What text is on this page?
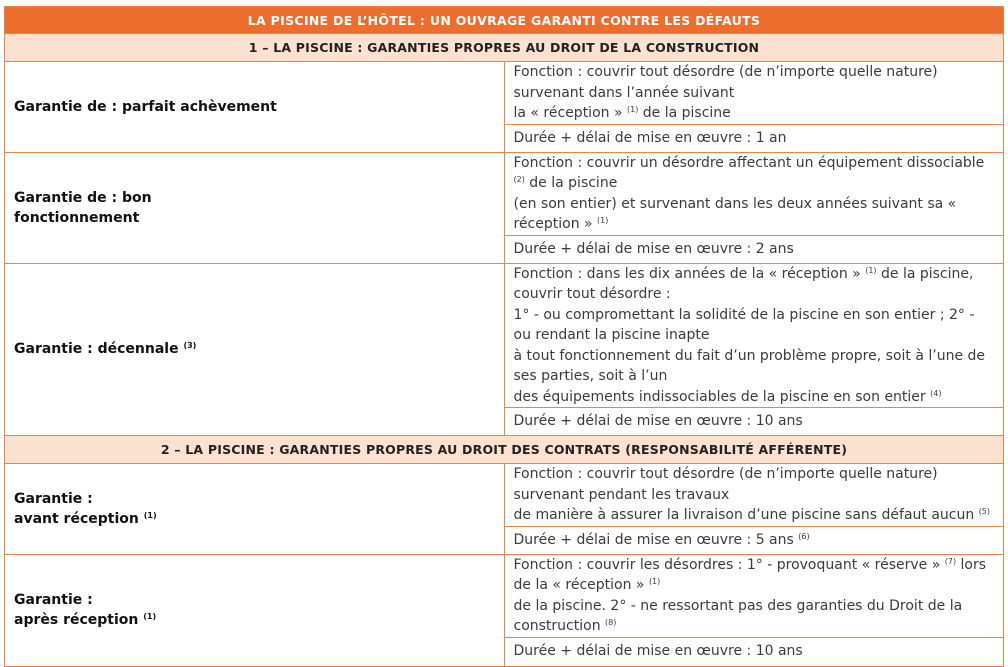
LA PISCINE DE L’HÔTEL : UN OUVRAGE GARANTI CONTRE LES DÉFAUTS	
1 – LA PISCINE : GARANTIES PROPRES AU DROIT DE LA CONSTRUCTION	
Garantie de : parfait achèvement	Fonction : couvrir tout désordre (de n’importe quelle nature) survenant dans l’année suivant
la « réception » $^{(1)}$ de la piscine
	Durée + délai de mise en œuvre : 1 an
Garantie de : bon
fonctionnement	Fonction : couvrir un désordre affectant un équipement dissociable $^{(2)}$ de la piscine
(en son entier) et survenant dans les deux années suivant sa « réception » $^{(1)}$
	Durée + délai de mise en œuvre : 2 ans
Garantie : décennale $^{(3)}$	Fonction : dans les dix années de la « réception » $^{(1)}$ de la piscine, couvrir tout désordre :
1° - ou compromettant la solidité de la piscine en son entier ; 2° - ou rendant la piscine inapte
à tout fonctionnement du fait d’un problème propre, soit à l’une de ses parties, soit à l’un
des équipements indissociables de la piscine en son entier $^{(4)}$
	Durée + délai de mise en œuvre : 10 ans
2 – LA PISCINE : GARANTIES PROPRES AU DROIT DES CONTRATS (RESPONSABILITÉ AFFÉRENTE)	
Garantie :
avant réception $^{(1)}$	Fonction : couvrir tout désordre (de n’importe quelle nature) survenant pendant les travaux
de manière à assurer la livraison d’une piscine sans défaut aucun $^{(5)}$
	Durée + délai de mise en œuvre : 5 ans $^{(6)}$
Garantie :
après réception $^{(1)}$	Fonction : couvrir les désordres : 1° - provoquant « réserve » $^{(7)}$ lors de la « réception » $^{(1)}$
de la piscine. 2° - ne ressortant pas des garanties du Droit de la construction $^{(8)}$
	Durée + délai de mise en œuvre : 10 ans
